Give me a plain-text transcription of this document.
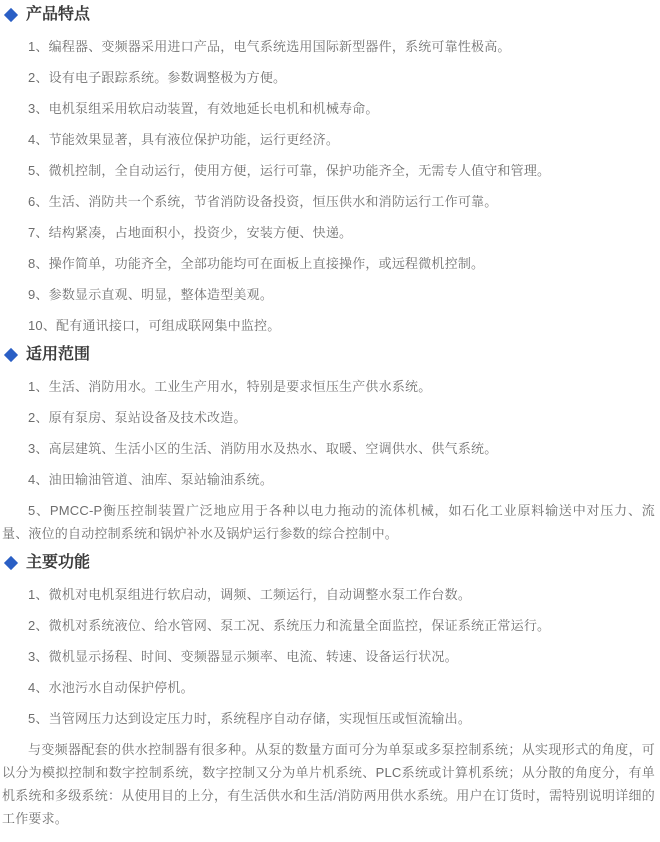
产品特点

1、编程器、变频器采用进口产品，电气系统选用国际新型器件，系统可靠性极高。

2、设有电子跟踪系统。参数调整极为方便。

3、电机泵组采用软启动装置，有效地延长电机和机械寿命。

4、节能效果显著，具有液位保护功能，运行更经济。

5、微机控制，全自动运行，使用方便，运行可靠，保护功能齐全，无需专人值守和管理。

6、生活、消防共一个系统，节省消防设备投资，恒压供水和消防运行工作可靠。

7、结构紧凑，占地面积小，投资少，安装方便、快递。

8、操作简单，功能齐全，全部功能均可在面板上直接操作，或远程微机控制。

9、参数显示直观、明显，整体造型美观。

10、配有通讯接口，可组成联网集中监控。

适用范围

1、生活、消防用水。工业生产用水，特别是要求恒压生产供水系统。

2、原有泵房、泵站设备及技术改造。

3、高层建筑、生活小区的生活、消防用水及热水、取暖、空调供水、供气系统。

4、油田输油管道、油库、泵站输油系统。

5、PMCC-P衡压控制装置广泛地应用于各种以电力拖动的流体机械，如石化工业原料输送中对压力、流量、液位的自动控制系统和锅炉补水及锅炉运行参数的综合控制中。

主要功能

1、微机对电机泵组进行软启动，调频、工频运行，自动调整水泵工作台数。

2、微机对系统液位、给水管网、泵工况、系统压力和流量全面监控，保证系统正常运行。

3、微机显示扬程、时间、变频器显示频率、电流、转速、设备运行状况。

4、水池污水自动保护停机。

5、当管网压力达到设定压力时，系统程序自动存储，实现恒压或恒流输出。

与变频器配套的供水控制器有很多种。从泵的数量方面可分为单泵或多泵控制系统；从实现形式的角度，可以分为模拟控制和数字控制系统，数字控制又分为单片机系统、PLC系统或计算机系统；从分散的角度分，有单机系统和多级系统：从使用目的上分，有生活供水和生活/消防两用供水系统。用户在订货时，需特别说明详细的工作要求。
